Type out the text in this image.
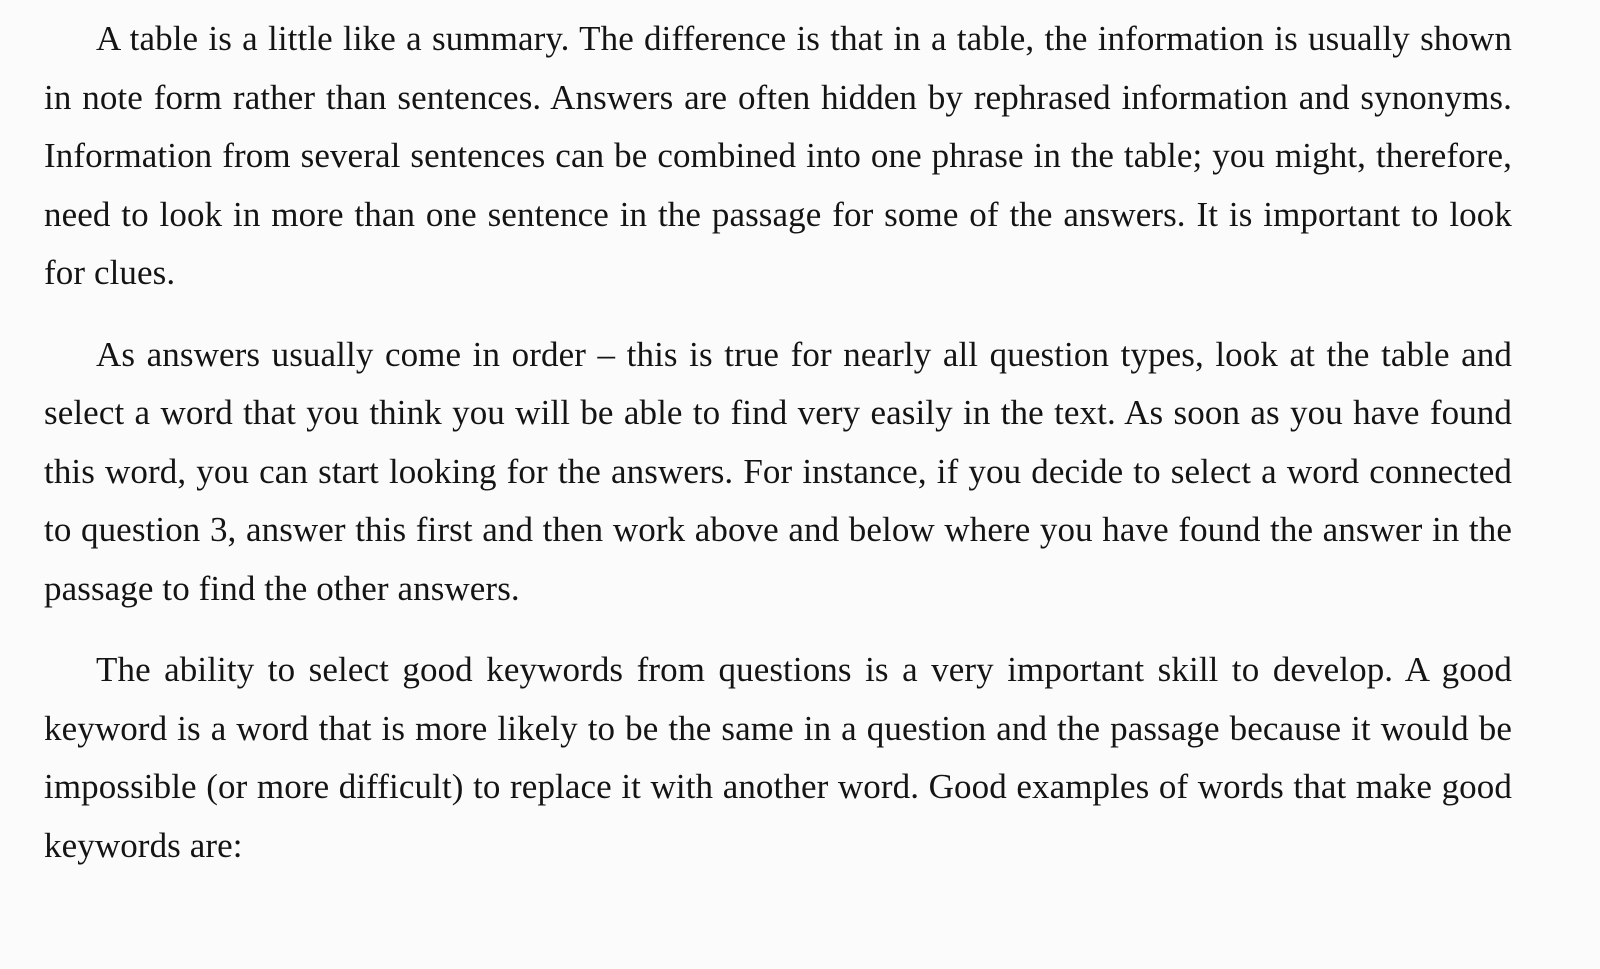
A table is a little like a summary. The difference is that in a table, the information is usually shown in note form rather than sentences. Answers are often hidden by rephrased information and synonyms. Information from several sentences can be combined into one phrase in the table; you might, therefore, need to look in more than one sentence in the passage for some of the answers. It is important to look for clues.

As answers usually come in order – this is true for nearly all question types, look at the table and select a word that you think you will be able to find very easily in the text. As soon as you have found this word, you can start looking for the answers. For instance, if you decide to select a word connected to question 3, answer this first and then work above and below where you have found the answer in the passage to find the other answers.

The ability to select good keywords from questions is a very important skill to develop. A good keyword is a word that is more likely to be the same in a question and the passage because it would be impossible (or more difficult) to replace it with another word. Good examples of words that make good keywords are:
